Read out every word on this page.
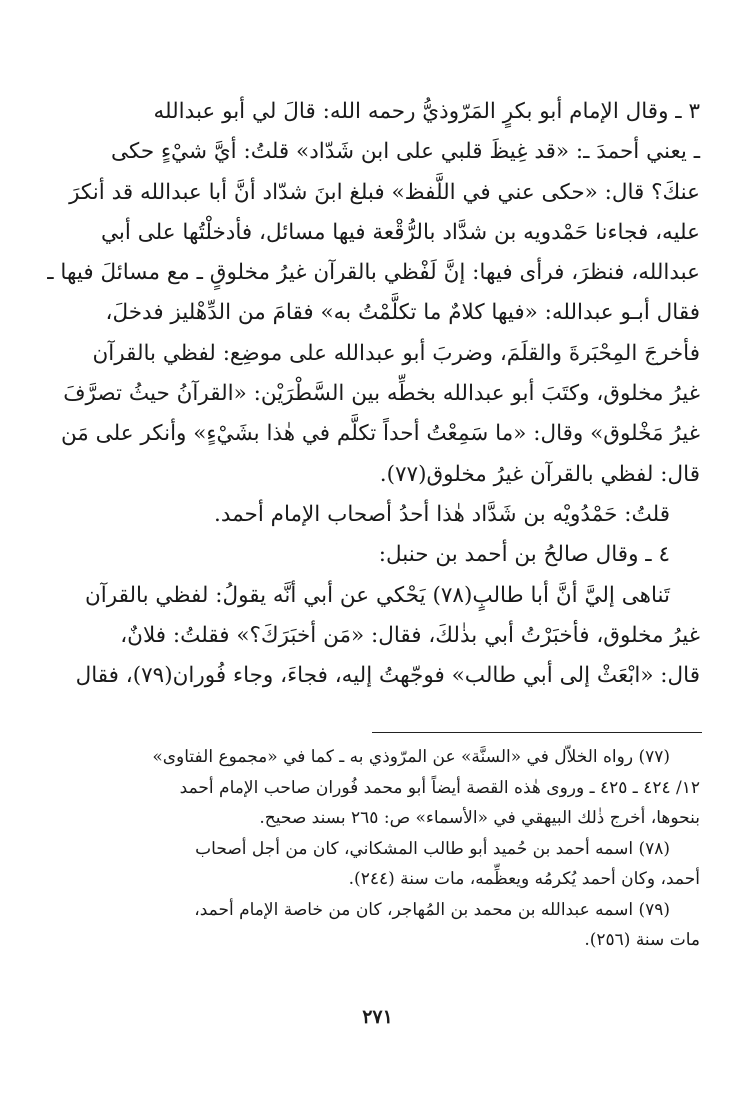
٣ ـ وقال الإمام أبو بكرٍ المَرّوذيُّ رحمه الله: قالَ لي أبو عبدالله
ـ يعني أحمدَ ـ: «قد غِيظَ قلبي على ابن شَدّاد» قلتُ: أيَّ شيْءٍ حكى
عنكَ؟ قال: «حكى عني في اللَّفظ» فبلغ ابنَ شدّاد أنَّ أبا عبدالله قد أنكرَ
عليه، فجاءنا حَمْدويه بن شدَّاد بالرُّقْعة فيها مسائل، فأدخلْتُها على أبي
عبدالله، فنظرَ، فرأى فيها: إنَّ لَفْظي بالقرآن غيرُ مخلوقٍ ـ مع مسائلَ فيها ـ
فقال أبـو عبدالله: «فيها كلامٌ ما تكلَّمْتُ به» فقامَ من الدِّهْليز فدخلَ،
فأخرجَ المِحْبَرةَ والقلَمَ، وضربَ أبو عبدالله على موضِع: لفظي بالقرآن
غيرُ مخلوق، وكتَبَ أبو عبدالله بخطِّه بين السَّطْرَيْن: «القرآنُ حيثُ تصرَّفَ
غيرُ مَخْلوق» وقال: «ما سَمِعْتُ أحداً تكلَّم في هٰذا بشَيْءٍ» وأنكر على مَن
قال: لفظي بالقرآن غيرُ مخلوق(٧٧).
قلتُ: حَمْدُويْه بن شَدَّاد هٰذا أحدُ أصحاب الإمام أحمد.
٤ ـ وقال صالحُ بن أحمد بن حنبل:
تَناهى إليَّ أنَّ أبا طالبٍ(٧٨) يَحْكي عن أبي أنَّه يقولُ: لفظي بالقرآن
غيرُ مخلوق، فأخبَرْتُ أبي بذٰلكَ، فقال: «مَن أخبَرَكَ؟» فقلتُ: فلانٌ،
قال: «ابْعَثْ إلى أبي طالب» فوجّهتُ إليه، فجاءَ، وجاء فُوران(٧٩)، فقال
(٧٧) رواه الخلاّل في «السنَّة» عن المرّوذي به ـ كما في «مجموع الفتاوى»
١٢/ ٤٢٤ ـ ٤٢٥ ـ وروى هٰذه القصة أيضاً أبو محمد فُوران صاحب الإمام أحمد
بنحوها، أخرج ذٰلك البيهقي في «الأسماء» ص: ٢٦٥ بسند صحيح.
(٧٨) اسمه أحمد بن حُميد أبو طالب المشكاني، كان من أجل أصحاب
أحمد، وكان أحمد يُكرمُه ويعظِّمه، مات سنة (٢٤٤).
(٧٩) اسمه عبدالله بن محمد بن المُهاجر، كان من خاصة الإمام أحمد،
مات سنة (٢٥٦).
٢٧١
